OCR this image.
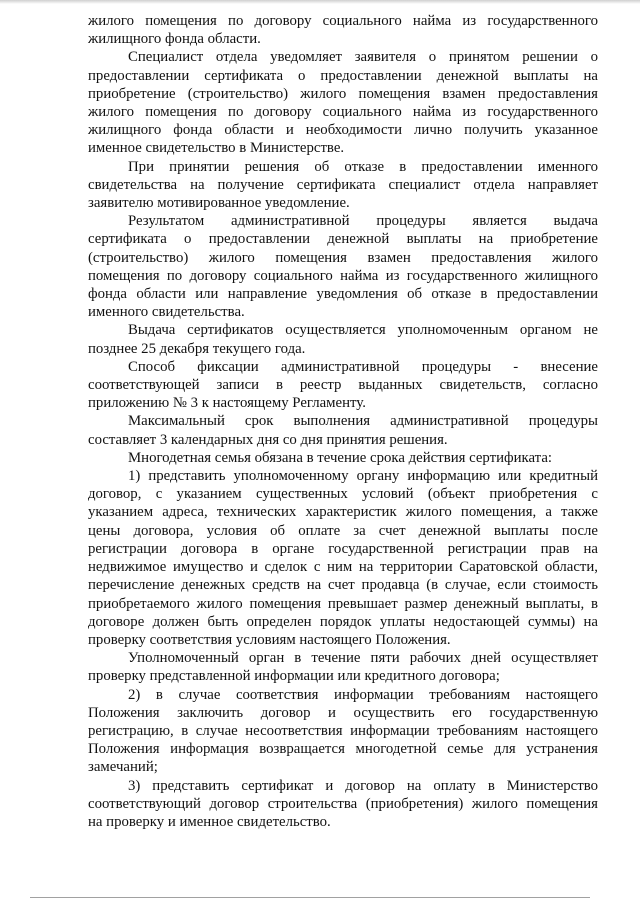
жилого помещения по договору социального найма из государственного
жилищного фонда области.
Специалист отдела уведомляет заявителя о принятом решении о
предоставлении сертификата о предоставлении денежной выплаты на
приобретение (строительство) жилого помещения взамен предоставления
жилого помещения по договору социального найма из государственного
жилищного фонда области и необходимости лично получить указанное
именное свидетельство в Министерстве.
При принятии решения об отказе в предоставлении именного
свидетельства на получение сертификата специалист отдела направляет
заявителю мотивированное уведомление.
Результатом административной процедуры является выдача
сертификата о предоставлении денежной выплаты на приобретение
(строительство) жилого помещения взамен предоставления жилого
помещения по договору социального найма из государственного жилищного
фонда области или направление уведомления об отказе в предоставлении
именного свидетельства.
Выдача сертификатов осуществляется уполномоченным органом не
позднее 25 декабря текущего года.
Способ фиксации административной процедуры - внесение
соответствующей записи в реестр выданных свидетельств, согласно
приложению № 3 к настоящему Регламенту.
Максимальный срок выполнения административной процедуры
составляет 3 календарных дня со дня принятия решения.
Многодетная семья обязана в течение срока действия сертификата:
1) представить уполномоченному органу информацию или кредитный
договор, с указанием существенных условий (объект приобретения с
указанием адреса, технических характеристик жилого помещения, а также
цены договора, условия об оплате за счет денежной выплаты после
регистрации договора в органе государственной регистрации прав на
недвижимое имущество и сделок с ним на территории Саратовской области,
перечисление денежных средств на счет продавца (в случае, если стоимость
приобретаемого жилого помещения превышает размер денежный выплаты, в
договоре должен быть определен порядок уплаты недостающей суммы) на
проверку соответствия условиям настоящего Положения.
Уполномоченный орган в течение пяти рабочих дней осуществляет
проверку представленной информации или кредитного договора;
2) в случае соответствия информации требованиям настоящего
Положения заключить договор и осуществить его государственную
регистрацию, в случае несоответствия информации требованиям настоящего
Положения информация возвращается многодетной семье для устранения
замечаний;
3) представить сертификат и договор на оплату в Министерство
соответствующий договор строительства (приобретения) жилого помещения
на проверку и именное свидетельство.
